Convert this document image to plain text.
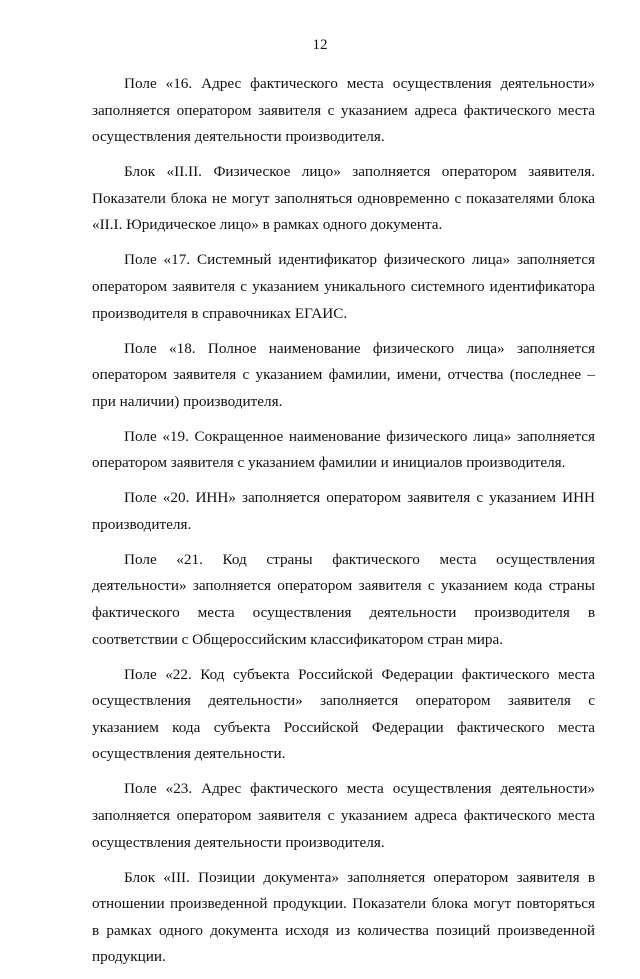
12

Поле «16. Адрес фактического места осуществления деятельности» заполняется оператором заявителя с указанием адреса фактического места осуществления деятельности производителя.

Блок «II.II. Физическое лицо» заполняется оператором заявителя. Показатели блока не могут заполняться одновременно с показателями блока «II.I. Юридическое лицо» в рамках одного документа.

Поле «17. Системный идентификатор физического лица» заполняется оператором заявителя с указанием уникального системного идентификатора производителя в справочниках ЕГАИС.

Поле «18. Полное наименование физического лица» заполняется оператором заявителя с указанием фамилии, имени, отчества (последнее – при наличии) производителя.

Поле «19. Сокращенное наименование физического лица» заполняется оператором заявителя с указанием фамилии и инициалов производителя.

Поле «20. ИНН» заполняется оператором заявителя с указанием ИНН производителя.

Поле «21. Код страны фактического места осуществления деятельности» заполняется оператором заявителя с указанием кода страны фактического места осуществления деятельности производителя в соответствии с Общероссийским классификатором стран мира.

Поле «22. Код субъекта Российской Федерации фактического места осуществления деятельности» заполняется оператором заявителя с указанием кода субъекта Российской Федерации фактического места осуществления деятельности.

Поле «23. Адрес фактического места осуществления деятельности» заполняется оператором заявителя с указанием адреса фактического места осуществления деятельности производителя.

Блок «III. Позиции документа» заполняется оператором заявителя в отношении произведенной продукции. Показатели блока могут повторяться в рамках одного документа исходя из количества позиций произведенной продукции.
